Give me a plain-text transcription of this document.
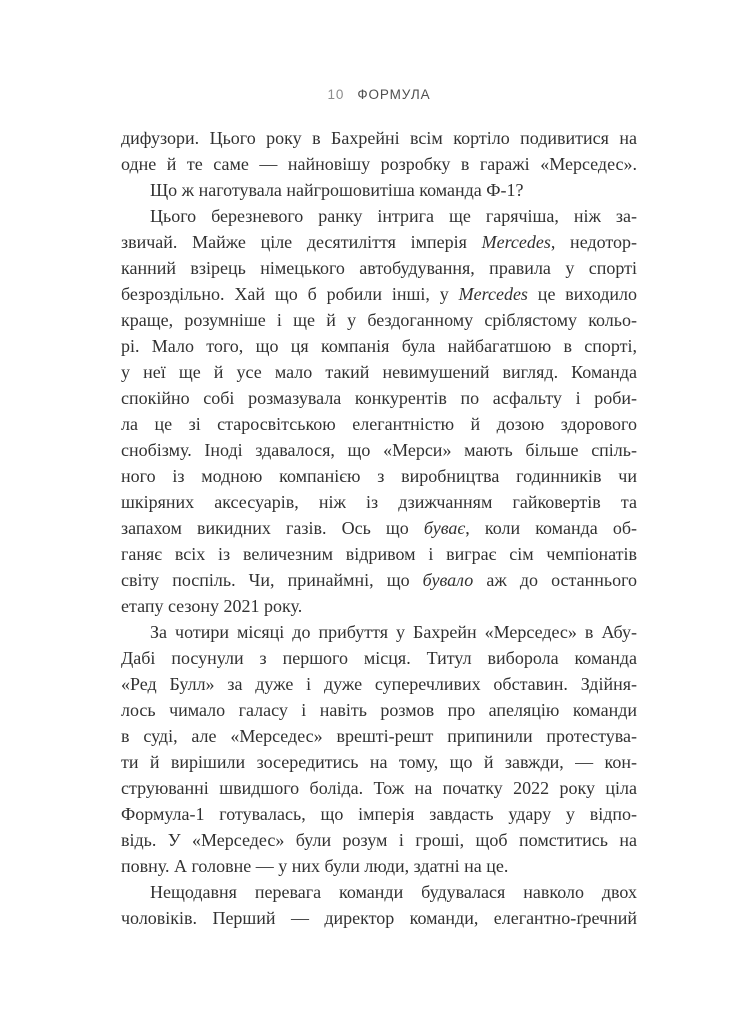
10 ФОРМУЛА
дифузори. Цього року в Бахрейні всім кортіло подивитися на
одне й те саме — найновішу розробку в гаражі «Мерседес».
Що ж наготувала найгрошовитіша команда Ф-1?
Цього березневого ранку інтрига ще гарячіша, ніж за-
звичай. Майже ціле десятиліття імперія Mercedes, недотор-
канний взірець німецького автобудування, правила у спорті
безроздільно. Хай що б робили інші, у Mercedes це виходило
краще, розумніше і ще й у бездоганному сріблястому кольо-
рі. Мало того, що ця компанія була найбагатшою в спорті,
у неї ще й усе мало такий невимушений вигляд. Команда
спокійно собі розмазувала конкурентів по асфальту і роби-
ла це зі старосвітською елегантністю й дозою здорового
снобізму. Іноді здавалося, що «Мерси» мають більше спіль-
ного із модною компанією з виробництва годинників чи
шкіряних аксесуарів, ніж із дзижчанням гайковертів та
запахом викидних газів. Ось що буває, коли команда об-
ганяє всіх із величезним відривом і виграє сім чемпіонатів
світу поспіль. Чи, принаймні, що бувало аж до останнього
етапу сезону 2021 року.
За чотири місяці до прибуття у Бахрейн «Мерседес» в Абу-
Дабі посунули з першого місця. Титул виборола команда
«Ред Булл» за дуже і дуже суперечливих обставин. Здійня-
лось чимало галасу і навіть розмов про апеляцію команди
в суді, але «Мерседес» врешті-решт припинили протестува-
ти й вирішили зосередитись на тому, що й завжди, — кон-
струюванні швидшого боліда. Тож на початку 2022 року ціла
Формула-1 готувалась, що імперія завдасть удару у відпо-
відь. У «Мерседес» були розум і гроші, щоб помститись на
повну. А головне — у них були люди, здатні на це.
Нещодавня перевага команди будувалася навколо двох
чоловіків. Перший — директор команди, елегантно-ґречний
